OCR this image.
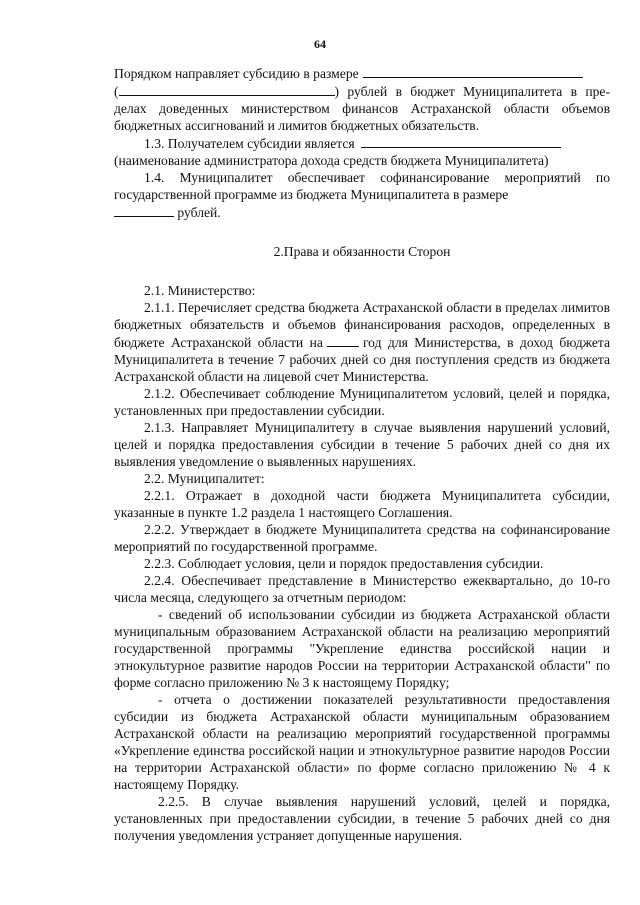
64

Порядком направляет субсидию в размере
(	) рублей в бюджет Муниципалитета в пре- делах доведенных министерством финансов Астраханской области объемов бюджетных ассигнований и лимитов бюджетных обязательств.

1.3. Получателем субсидии является

(наименование администратора дохода средств бюджета Муниципалитета)

1.4. Муниципалитет обеспечивает софинансирование мероприятий по государственной программе из бюджета Муниципалитета в размере
рублей.

2.Права и обязанности Сторон

2.1. Министерство:

2.1.1. Перечисляет средства бюджета Астраханской области в пределах лимитов бюджетных обязательств и объемов финансирования расходов, определенных в бюджете Астраханской области на	год для Министерства, в доход бюджета Муниципалитета в течение 7 рабочих дней со дня поступления средств из бюджета Астраханской области на лицевой счет Министерства.

2.1.2. Обеспечивает соблюдение Муниципалитетом условий, целей и порядка, установленных при предоставлении субсидии.

2.1.3. Направляет Муниципалитету в случае выявления нарушений условий, целей и порядка предоставления субсидии в течение 5 рабочих дней со дня их выявления уведомление о выявленных нарушениях.

2.2. Муниципалитет:

2.2.1. Отражает в доходной части бюджета Муниципалитета субсидии, указанные в пункте 1.2 раздела 1 настоящего Соглашения.

2.2.2. Утверждает в бюджете Муниципалитета средства на софинансирование мероприятий по государственной программе.

2.2.3. Соблюдает условия, цели и порядок предоставления субсидии.

2.2.4. Обеспечивает представление в Министерство ежеквартально, до 10-го числа месяца, следующего за отчетным периодом:

- сведений об использовании субсидии из бюджета Астраханской области муниципальным образованием Астраханской области на реализацию мероприятий государственной программы "Укрепление единства российской нации и этнокультурное развитие народов России на территории Астраханской области" по форме согласно приложению № 3 к настоящему Порядку;

- отчета о достижении показателей результативности предоставления субсидии из бюджета Астраханской области муниципальным образованием Астраханской области на реализацию мероприятий государственной программы «Укрепление единства российской нации и этнокультурное развитие народов России на территории Астраханской области» по форме согласно приложению № 4 к настоящему Порядку.

2.2.5. В случае выявления нарушений условий, целей и порядка, установленных при предоставлении субсидии, в течение 5 рабочих дней со дня получения уведомления устраняет допущенные нарушения.
